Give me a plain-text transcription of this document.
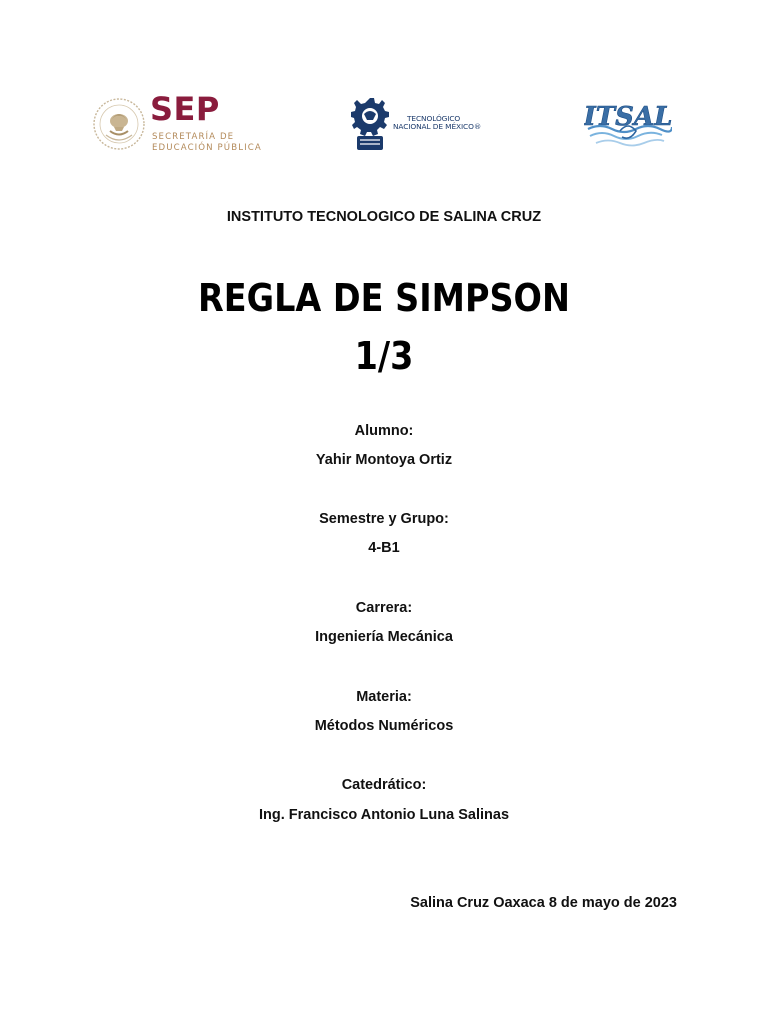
SEP
SECRETARÍA DE
EDUCACIÓN PÚBLICA
TECNOLÓGICO
NACIONAL DE MÉXICO®	ITSAL
INSTITUTO TECNOLOGICO DE SALINA CRUZ
REGLA DE SIMPSON
1/3
Alumno:
Yahir Montoya Ortiz
Semestre y Grupo:
4-B1
Carrera:
Ingeniería Mecánica
Materia:
Métodos Numéricos
Catedrático:
Ing. Francisco Antonio Luna Salinas
Salina Cruz Oaxaca 8 de mayo de 2023
